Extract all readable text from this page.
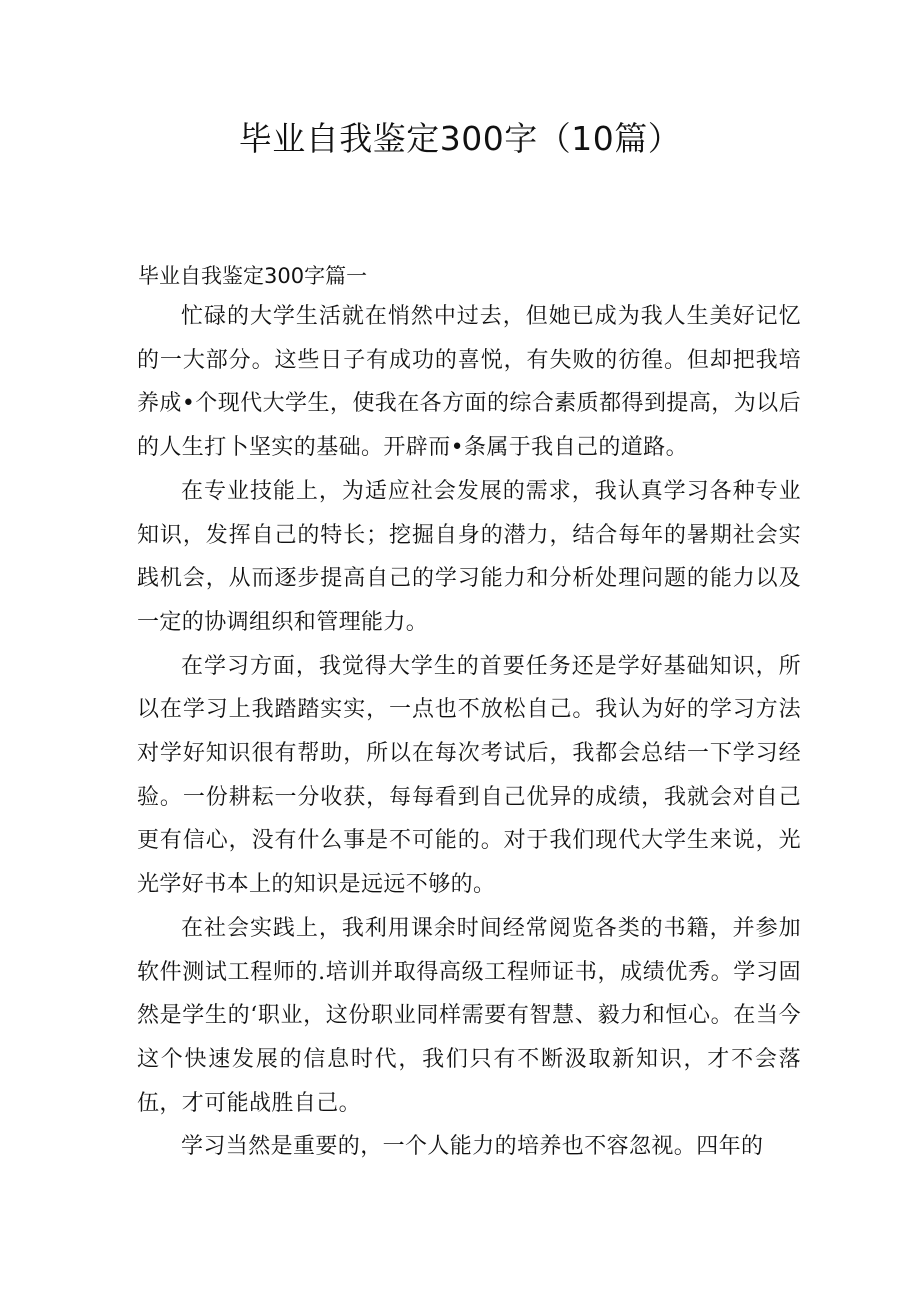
毕业自我鉴定300字（10篇）
毕业自我鉴定300字篇一

忙碌的大学生活就在悄然中过去，但她已成为我人生美好记忆的一大部分。这些日子有成功的喜悦，有失败的彷徨。但却把我培养成•个现代大学生，使我在各方面的综合素质都得到提高，为以后的人生打卜坚实的基础。开辟而•条属于我自己的道路。

在专业技能上，为适应社会发展的需求，我认真学习各种专业知识，发挥自己的特长；挖掘自身的潜力，结合每年的暑期社会实践机会，从而逐步提高自己的学习能力和分析处理问题的能力以及一定的协调组织和管理能力。

在学习方面，我觉得大学生的首要任务还是学好基础知识，所以在学习上我踏踏实实，一点也不放松自己。我认为好的学习方法对学好知识很有帮助，所以在每次考试后，我都会总结一下学习经验。一份耕耘一分收获，每每看到自己优异的成绩，我就会对自己更有信心，没有什么事是不可能的。对于我们现代大学生来说，光光学好书本上的知识是远远不够的。

在社会实践上，我利用课余时间经常阅览各类的书籍，并参加软件测试工程师的.培训并取得高级工程师证书，成绩优秀。学习固然是学生的‘职业，这份职业同样需要有智慧、毅力和恒心。在当今这个快速发展的信息时代，我们只有不断汲取新知识，才不会落伍，才可能战胜自己。

学习当然是重要的，一个人能力的培养也不容忽视。四年的
